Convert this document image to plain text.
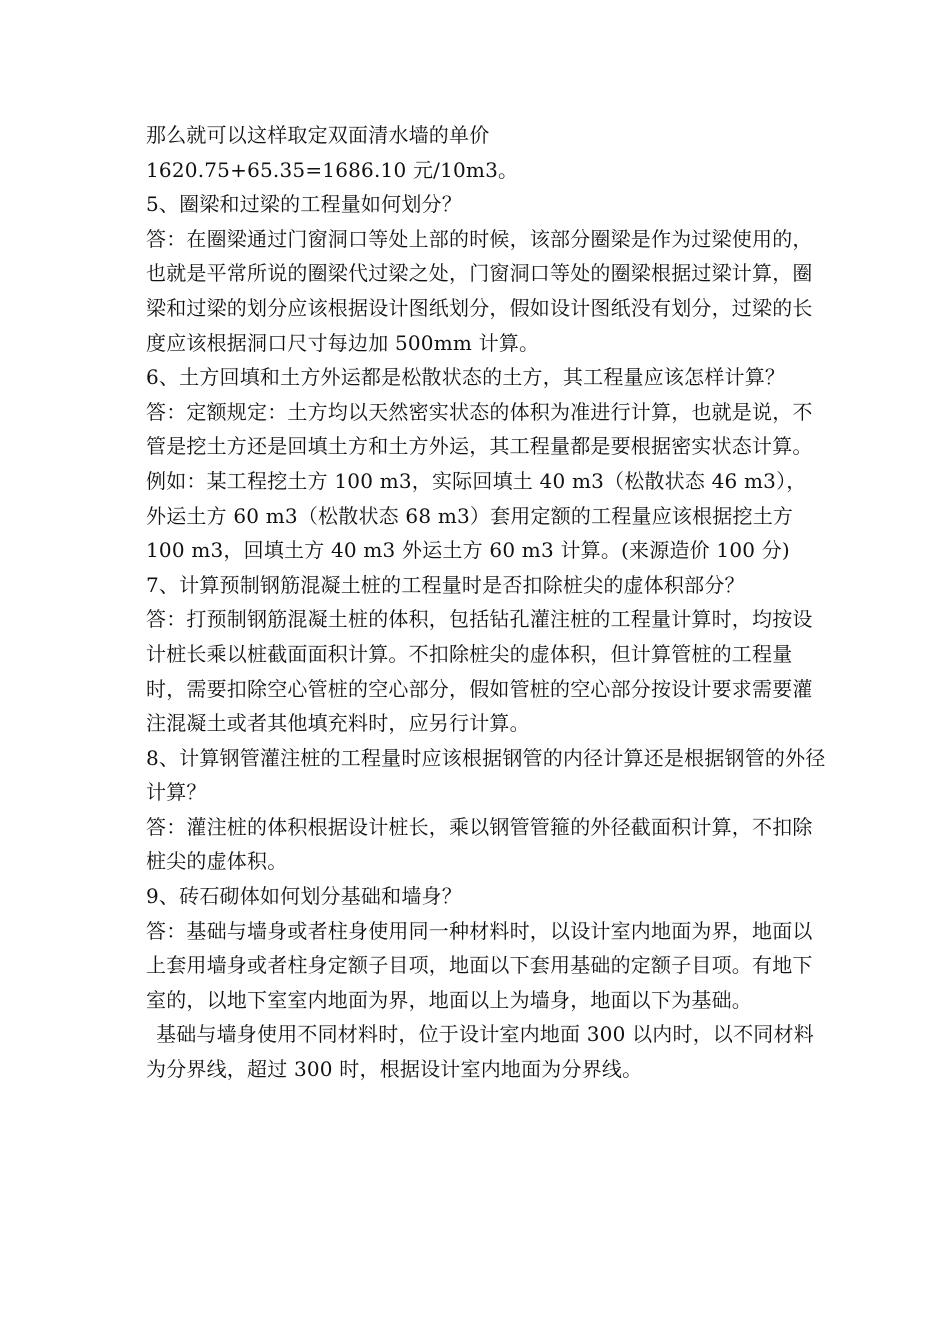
那么就可以这样取定双面清水墙的单价

1620.75+65.35=1686.10 元/10m3。

5、圈梁和过梁的工程量如何划分？

答：在圈梁通过门窗洞口等处上部的时候，该部分圈梁是作为过梁使用的，也就是平常所说的圈梁代过梁之处，门窗洞口等处的圈梁根据过梁计算，圈梁和过梁的划分应该根据设计图纸划分，假如设计图纸没有划分，过梁的长度应该根据洞口尺寸每边加 500mm 计算。

6、土方回填和土方外运都是松散状态的土方，其工程量应该怎样计算？

答：定额规定：土方均以天然密实状态的体积为准进行计算，也就是说，不管是挖土方还是回填土方和土方外运，其工程量都是要根据密实状态计算。例如：某工程挖土方 100 m3，实际回填土 40 m3（松散状态 46 m3），外运土方 60 m3（松散状态 68 m3）套用定额的工程量应该根据挖土方 100 m3，回填土方 40 m3 外运土方 60 m3 计算。(来源造价 100 分)

7、计算预制钢筋混凝土桩的工程量时是否扣除桩尖的虚体积部分？

答：打预制钢筋混凝土桩的体积，包括钻孔灌注桩的工程量计算时，均按设计桩长乘以桩截面面积计算。不扣除桩尖的虚体积，但计算管桩的工程量时，需要扣除空心管桩的空心部分，假如管桩的空心部分按设计要求需要灌注混凝土或者其他填充料时，应另行计算。

8、计算钢管灌注桩的工程量时应该根据钢管的内径计算还是根据钢管的外径计算？

答：灌注桩的体积根据设计桩长，乘以钢管管箍的外径截面积计算，不扣除桩尖的虚体积。

9、砖石砌体如何划分基础和墙身？

答：基础与墙身或者柱身使用同一种材料时，以设计室内地面为界，地面以上套用墙身或者柱身定额子目项，地面以下套用基础的定额子目项。有地下室的，以地下室室内地面为界，地面以上为墙身，地面以下为基础。

基础与墙身使用不同材料时，位于设计室内地面 300 以内时，以不同材料为分界线，超过 300 时，根据设计室内地面为分界线。
